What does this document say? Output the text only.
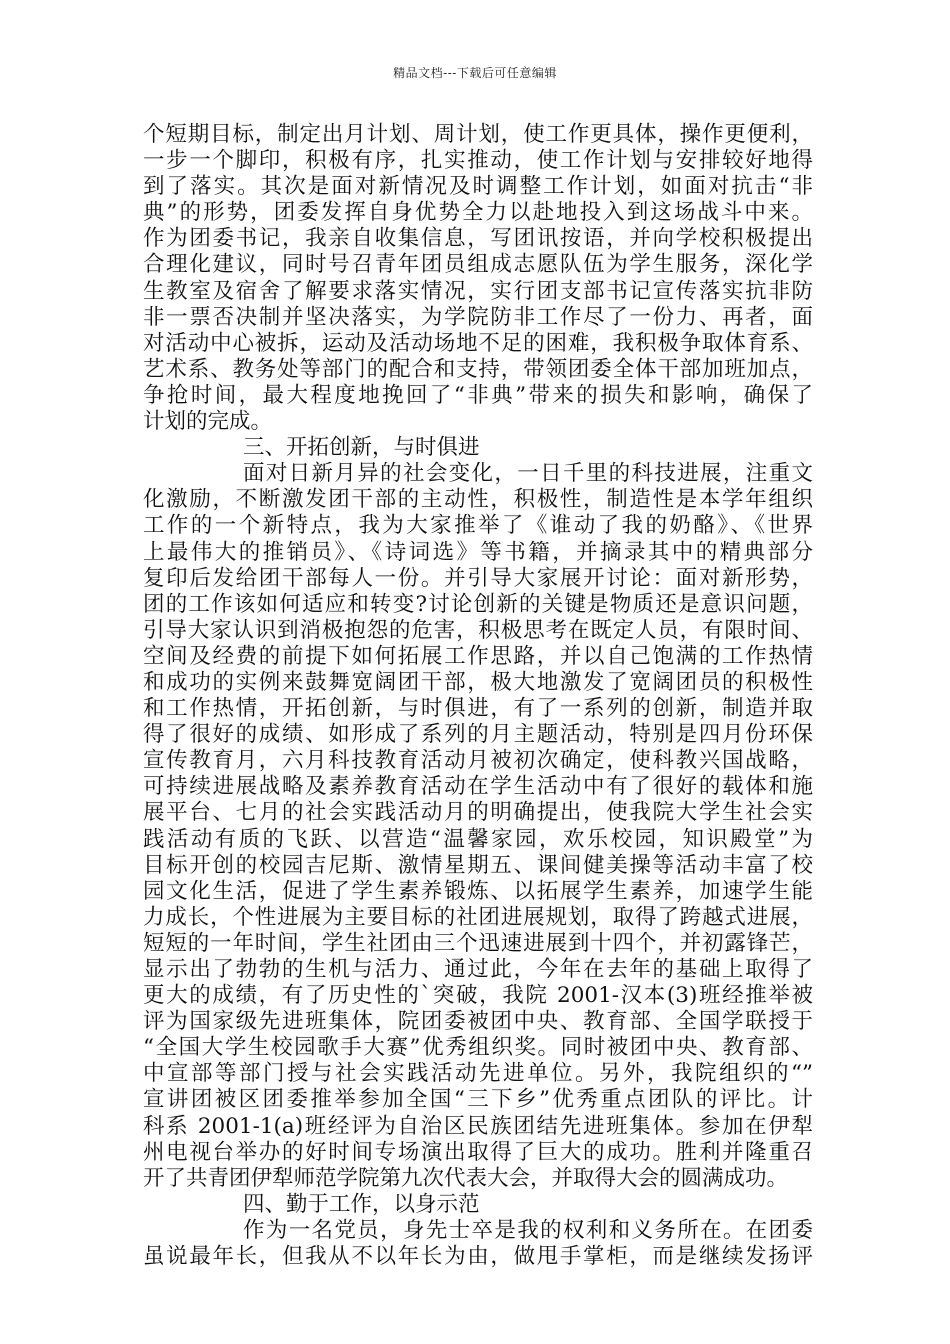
精品文档---下载后可任意编辑
个短期目标，制定出月计划、周计划，使工作更具体，操作更便利，
一步一个脚印，积极有序，扎实推动，使工作计划与安排较好地得
到了落实。其次是面对新情况及时调整工作计划，如面对抗击“非
典”的形势，团委发挥自身优势全力以赴地投入到这场战斗中来。
作为团委书记，我亲自收集信息，写团讯按语，并向学校积极提出
合理化建议，同时号召青年团员组成志愿队伍为学生服务，深化学
生教室及宿舍了解要求落实情况，实行团支部书记宣传落实抗非防
非一票否决制并坚决落实，为学院防非工作尽了一份力、再者，面
对活动中心被拆，运动及活动场地不足的困难，我积极争取体育系、
艺术系、教务处等部门的配合和支持，带领团委全体干部加班加点，
争抢时间，最大程度地挽回了“非典”带来的损失和影响，确保了
计划的完成。
三、开拓创新，与时俱进
面对日新月异的社会变化，一日千里的科技进展，注重文
化激励，不断激发团干部的主动性，积极性，制造性是本学年组织
工作的一个新特点，我为大家推举了《谁动了我的奶酪》、《世界
上最伟大的推销员》、《诗词选》等书籍，并摘录其中的精典部分
复印后发给团干部每人一份。并引导大家展开讨论：面对新形势，
团的工作该如何适应和转变?讨论创新的关键是物质还是意识问题，
引导大家认识到消极抱怨的危害，积极思考在既定人员，有限时间、
空间及经费的前提下如何拓展工作思路，并以自己饱满的工作热情
和成功的实例来鼓舞宽阔团干部，极大地激发了宽阔团员的积极性
和工作热情，开拓创新，与时俱进，有了一系列的创新，制造并取
得了很好的成绩、如形成了系列的月主题活动，特别是四月份环保
宣传教育月，六月科技教育活动月被初次确定，使科教兴国战略，
可持续进展战略及素养教育活动在学生活动中有了很好的载体和施
展平台、七月的社会实践活动月的明确提出，使我院大学生社会实
践活动有质的飞跃、以营造“温馨家园，欢乐校园，知识殿堂”为
目标开创的校园吉尼斯、激情星期五、课间健美操等活动丰富了校
园文化生活，促进了学生素养锻炼、以拓展学生素养，加速学生能
力成长，个性进展为主要目标的社团进展规划，取得了跨越式进展，
短短的一年时间，学生社团由三个迅速进展到十四个，并初露锋芒，
显示出了勃勃的生机与活力、通过此，今年在去年的基础上取得了
更大的成绩，有了历史性的`突破，我院 2001-汉本(3)班经推举被
评为国家级先进班集体，院团委被团中央、教育部、全国学联授于
“全国大学生校园歌手大赛”优秀组织奖。同时被团中央、教育部、
中宣部等部门授与社会实践活动先进单位。另外，我院组织的“”
宣讲团被区团委推举参加全国“三下乡”优秀重点团队的评比。计
科系 2001-1(a)班经评为自治区民族团结先进班集体。参加在伊犁
州电视台举办的好时间专场演出取得了巨大的成功。胜利并隆重召
开了共青团伊犁师范学院第九次代表大会，并取得大会的圆满成功。
四、勤于工作，以身示范
作为一名党员，身先士卒是我的权利和义务所在。在团委
虽说最年长，但我从不以年长为由，做甩手掌柜，而是继续发扬评
